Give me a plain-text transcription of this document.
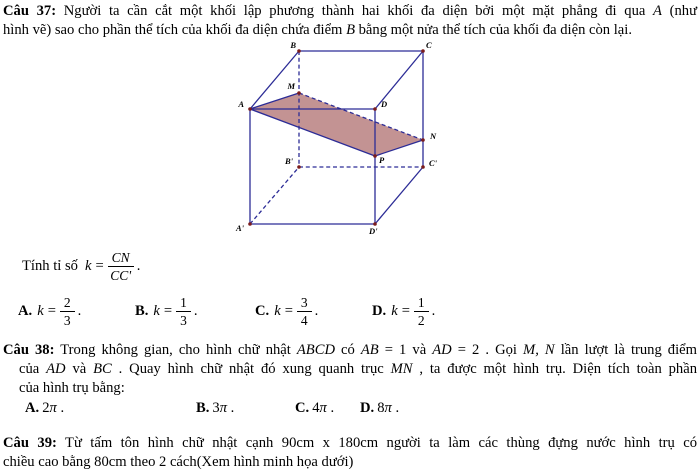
Câu 37: Người ta cần cắt một khối lập phương thành hai khối đa diện bởi một mặt phẳng đi qua A (như
hình vẽ) sao cho phần thể tích của khối đa diện chứa điểm B bằng một nửa thể tích của khối đa diện còn lại.
A
B	C
D
M
N
B'	C'
P
A'	D'
Tính tỉ số $k = \frac{CN}{CC'}$ .
A. $k = \frac{2}{3}$ .	B. $k = \frac{1}{3}$ .	C. $k = \frac{3}{4}$ .	D. $k = \frac{1}{2}$ .
Câu 38: Trong không gian, cho hình chữ nhật ABCD có AB = 1 và AD = 2 . Gọi M, N lần lượt là trung điểm
của AD và BC . Quay hình chữ nhật đó xung quanh trục MN , ta được một hình trụ. Diện tích toàn phần
của hình trụ bằng:
A. 2π .	B. 3π .	C. 4π . D. 8π .
Câu 39: Từ tấm tôn hình chữ nhật cạnh 90cm x 180cm người ta làm các thùng đựng nước hình trụ có
chiều cao bằng 80cm theo 2 cách(Xem hình minh họa dưới)
